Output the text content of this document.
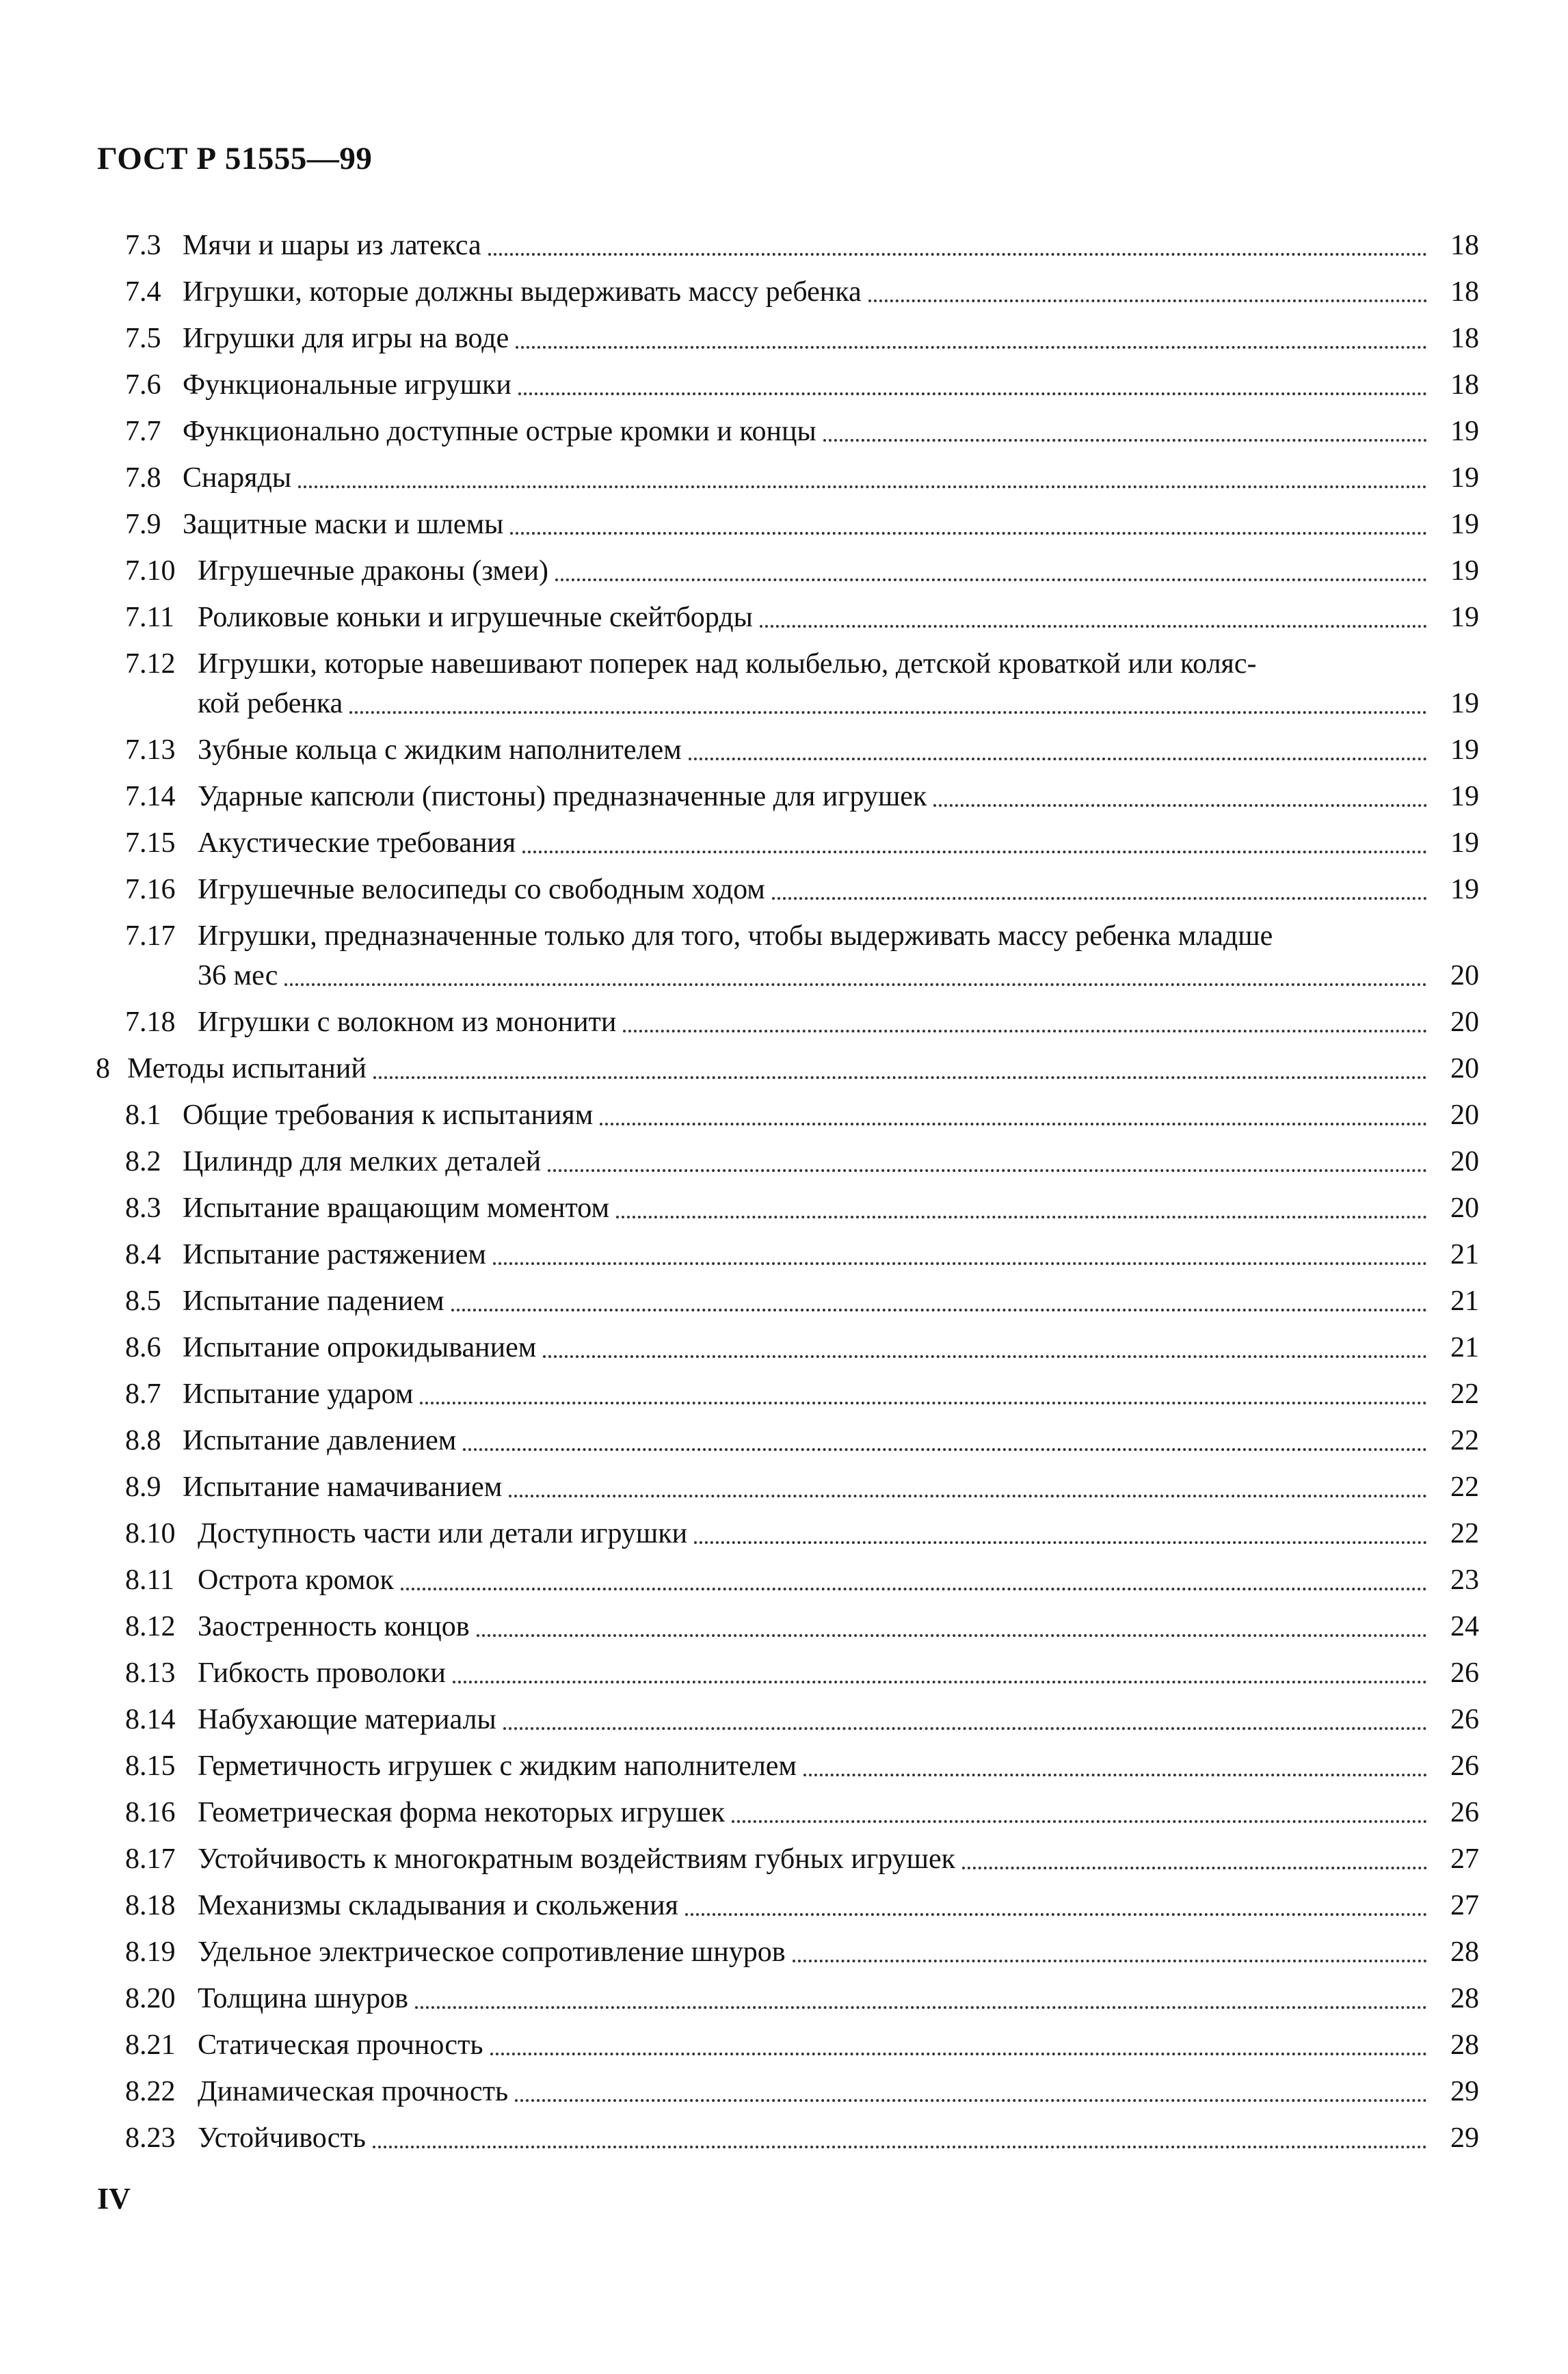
ГОСТ Р 51555—99
7.3 Мячи и шары из латекса	18
7.4 Игрушки, которые должны выдерживать массу ребенка	18
7.5 Игрушки для игры на воде	18
7.6 Функциональные игрушки	18
7.7 Функционально доступные острые кромки и концы	19
7.8 Снаряды	19
7.9 Защитные маски и шлемы	19
7.10 Игрушечные драконы (змеи)	19
7.11 Роликовые коньки и игрушечные скейтборды	19
7.12 Игрушки, которые навешивают поперек над колыбелью, детской кроваткой или коляс-
кой ребенка	19
7.13 Зубные кольца с жидким наполнителем	19
7.14 Ударные капсюли (пистоны) предназначенные для игрушек	19
7.15 Акустические требования	19
7.16 Игрушечные велосипеды со свободным ходом	19
7.17 Игрушки, предназначенные только для того, чтобы выдерживать массу ребенка младше
36 мес	20
7.18 Игрушки с волокном из мононити	20
8 Методы испытаний	20
8.1 Общие требования к испытаниям	20
8.2 Цилиндр для мелких деталей	20
8.3 Испытание вращающим моментом	20
8.4 Испытание растяжением	21
8.5 Испытание падением	21
8.6 Испытание опрокидыванием	21
8.7 Испытание ударом	22
8.8 Испытание давлением	22
8.9 Испытание намачиванием	22
8.10 Доступность части или детали игрушки	22
8.11 Острота кромок	23
8.12 Заостренность концов	24
8.13 Гибкость проволоки	26
8.14 Набухающие материалы	26
8.15 Герметичность игрушек с жидким наполнителем	26
8.16 Геометрическая форма некоторых игрушек	26
8.17 Устойчивость к многократным воздействиям губных игрушек	27
8.18 Механизмы складывания и скольжения	27
8.19 Удельное электрическое сопротивление шнуров	28
8.20 Толщина шнуров	28
8.21 Статическая прочность	28
8.22 Динамическая прочность	29
8.23 Устойчивость	29
IV
